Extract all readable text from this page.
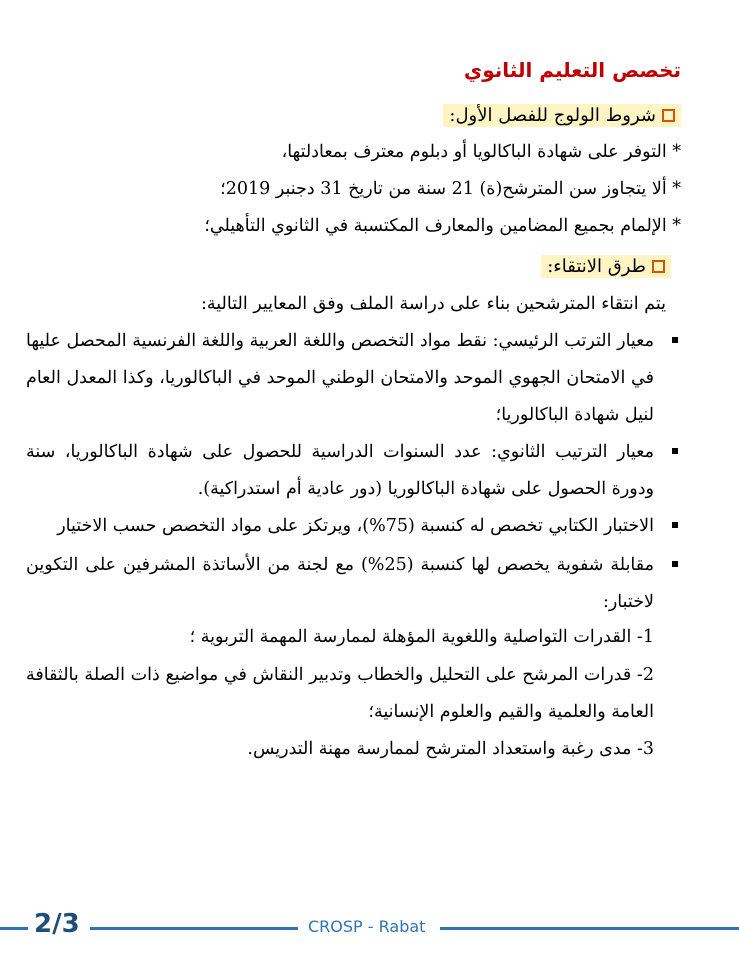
تخصص التعليم الثانوي
شروط الولوج للفصل الأول:
* التوفر على شهادة الباكالويا أو دبلوم معترف بمعادلتها،
* ألا يتجاوز سن المترشح(ة) 21 سنة من تاريخ 31 دجنبر 2019؛
* الإلمام بجميع المضامين والمعارف المكتسبة في الثانوي التأهيلي؛
طرق الانتقاء:
يتم انتقاء المترشحين بناء على دراسة الملف وفق المعايير التالية:
معيار الترتب الرئيسي: نقط مواد التخصص واللغة العربية واللغة الفرنسية المحصل عليها في الامتحان الجهوي الموحد والامتحان الوطني الموحد في الباكالوريا، وكذا المعدل العام لنيل شهادة الباكالوريا؛
معيار الترتيب الثانوي: عدد السنوات الدراسية للحصول على شهادة الباكالوريا، سنة ودورة الحصول على شهادة الباكالوريا (دور عادية أم استدراكية).
الاختبار الكتابي تخصص له كنسبة (75%)، ويرتكز على مواد التخصص حسب الاختيار
مقابلة شفوية يخصص لها كنسبة (25%) مع لجنة من الأساتذة المشرفين على التكوين لاختبار:
1- القدرات التواصلية واللغوية المؤهلة لممارسة المهمة التربوية ؛
2- قدرات المرشح على التحليل والخطاب وتدبير النقاش في مواضيع ذات الصلة بالثقافة العامة والعلمية والقيم والعلوم الإنسانية؛
3- مدى رغبة واستعداد المترشح لممارسة مهنة التدريس.
2/3	CROSP - Rabat
